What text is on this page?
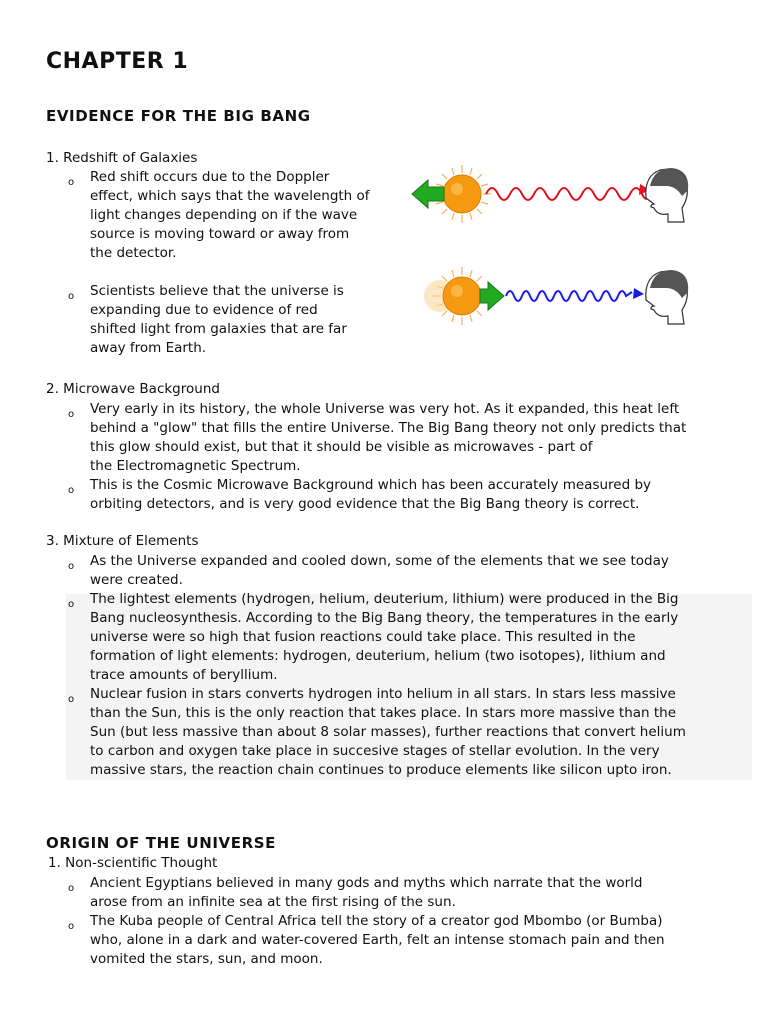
CHAPTER 1
EVIDENCE FOR THE BIG BANG
1. Redshift of Galaxies
o Red shift occurs due to the Doppler
effect, which says that the wavelength of
light changes depending on if the wave
source is moving toward or away from
the detector.
o Scientists believe that the universe is
expanding due to evidence of red
shifted light from galaxies that are far
away from Earth.
2. Microwave Background
o Very early in its history, the whole Universe was very hot. As it expanded, this heat left
behind a "glow" that fills the entire Universe. The Big Bang theory not only predicts that
this glow should exist, but that it should be visible as microwaves - part of
the Electromagnetic Spectrum.
o This is the Cosmic Microwave Background which has been accurately measured by
orbiting detectors, and is very good evidence that the Big Bang theory is correct.
3. Mixture of Elements
o As the Universe expanded and cooled down, some of the elements that we see today
were created.
o The lightest elements (hydrogen, helium, deuterium, lithium) were produced in the Big
Bang nucleosynthesis. According to the Big Bang theory, the temperatures in the early
universe were so high that fusion reactions could take place. This resulted in the
formation of light elements: hydrogen, deuterium, helium (two isotopes), lithium and
trace amounts of beryllium.
o Nuclear fusion in stars converts hydrogen into helium in all stars. In stars less massive
than the Sun, this is the only reaction that takes place. In stars more massive than the
Sun (but less massive than about 8 solar masses), further reactions that convert helium
to carbon and oxygen take place in succesive stages of stellar evolution. In the very
massive stars, the reaction chain continues to produce elements like silicon upto iron.
ORIGIN OF THE UNIVERSE
1. Non-scientific Thought
o Ancient Egyptians believed in many gods and myths which narrate that the world
arose from an infinite sea at the first rising of the sun.
o The Kuba people of Central Africa tell the story of a creator god Mbombo (or Bumba)
who, alone in a dark and water-covered Earth, felt an intense stomach pain and then
vomited the stars, sun, and moon.
